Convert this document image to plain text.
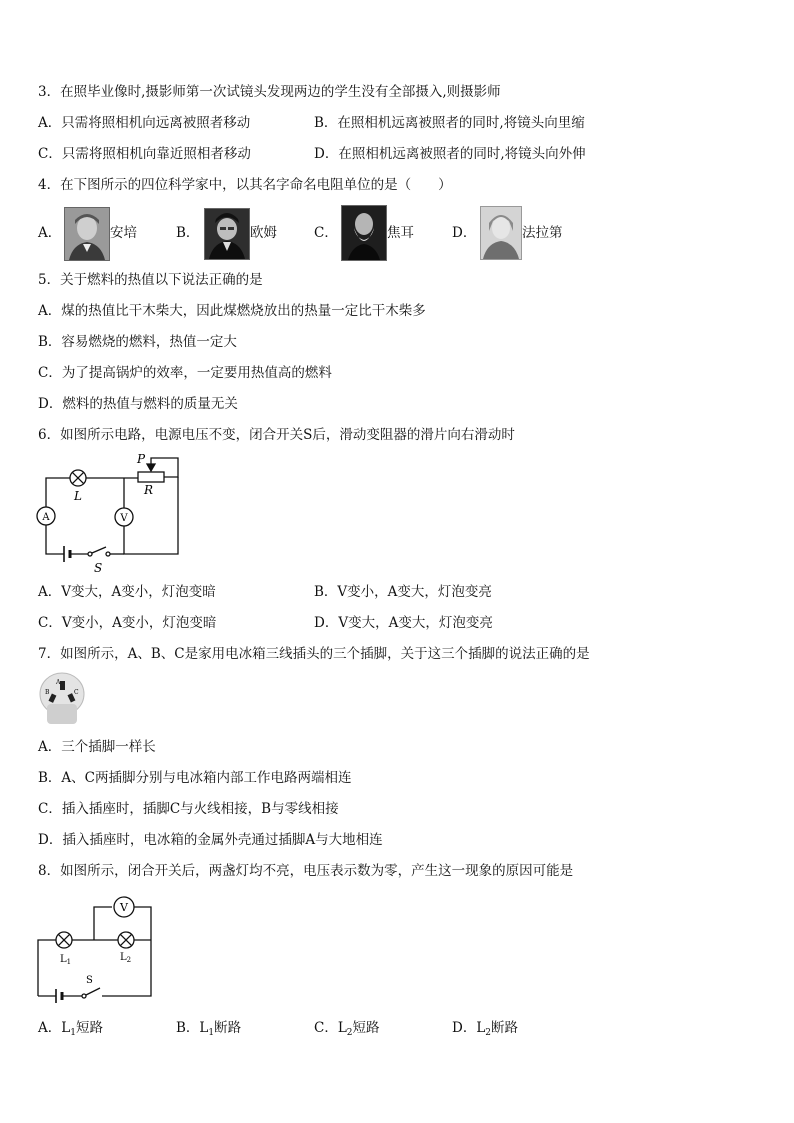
3．在照毕业像时,摄影师第一次试镜头发现两边的学生没有全部摄入,则摄影师
A．只需将照相机向远离被照者移动	B．在照相机远离被照者的同时,将镜头向里缩
C．只需将照相机向靠近照相者移动	D．在照相机远离被照者的同时,将镜头向外伸
4．在下图所示的四位科学家中，以其名字命名电阻单位的是（　　）
A．	安培	B．	欧姆	C．	焦耳	D．	法拉第
5．关于燃料的热值以下说法正确的是
A．煤的热值比干木柴大，因此煤燃烧放出的热量一定比干木柴多
B．容易燃烧的燃料，热值一定大
C．为了提高锅炉的效率，一定要用热值高的燃料
D．燃料的热值与燃料的质量无关
6．如图所示电路，电源电压不变，闭合开关S后，滑动变阻器的滑片向右滑动时
P
R
L
A	V
S
A．V变大，A变小，灯泡变暗	B．V变小，A变大，灯泡变亮
C．V变小，A变小，灯泡变暗	D．V变大，A变大，灯泡变亮
7．如图所示，A、B、C是家用电冰箱三线插头的三个插脚，关于这三个插脚的说法正确的是
A
B	C
A．三个插脚一样长
B．A、C两插脚分别与电冰箱内部工作电路两端相连
C．插入插座时，插脚C与火线相接，B与零线相接
D．插入插座时，电冰箱的金属外壳通过插脚A与大地相连
8．如图所示，闭合开关后，两盏灯均不亮，电压表示数为零，产生这一现象的原因可能是
V
$L_1$	$L_2$
S
A．$L_1$短路	B．$L_1$断路	C．$L_2$短路	D．$L_2$断路
